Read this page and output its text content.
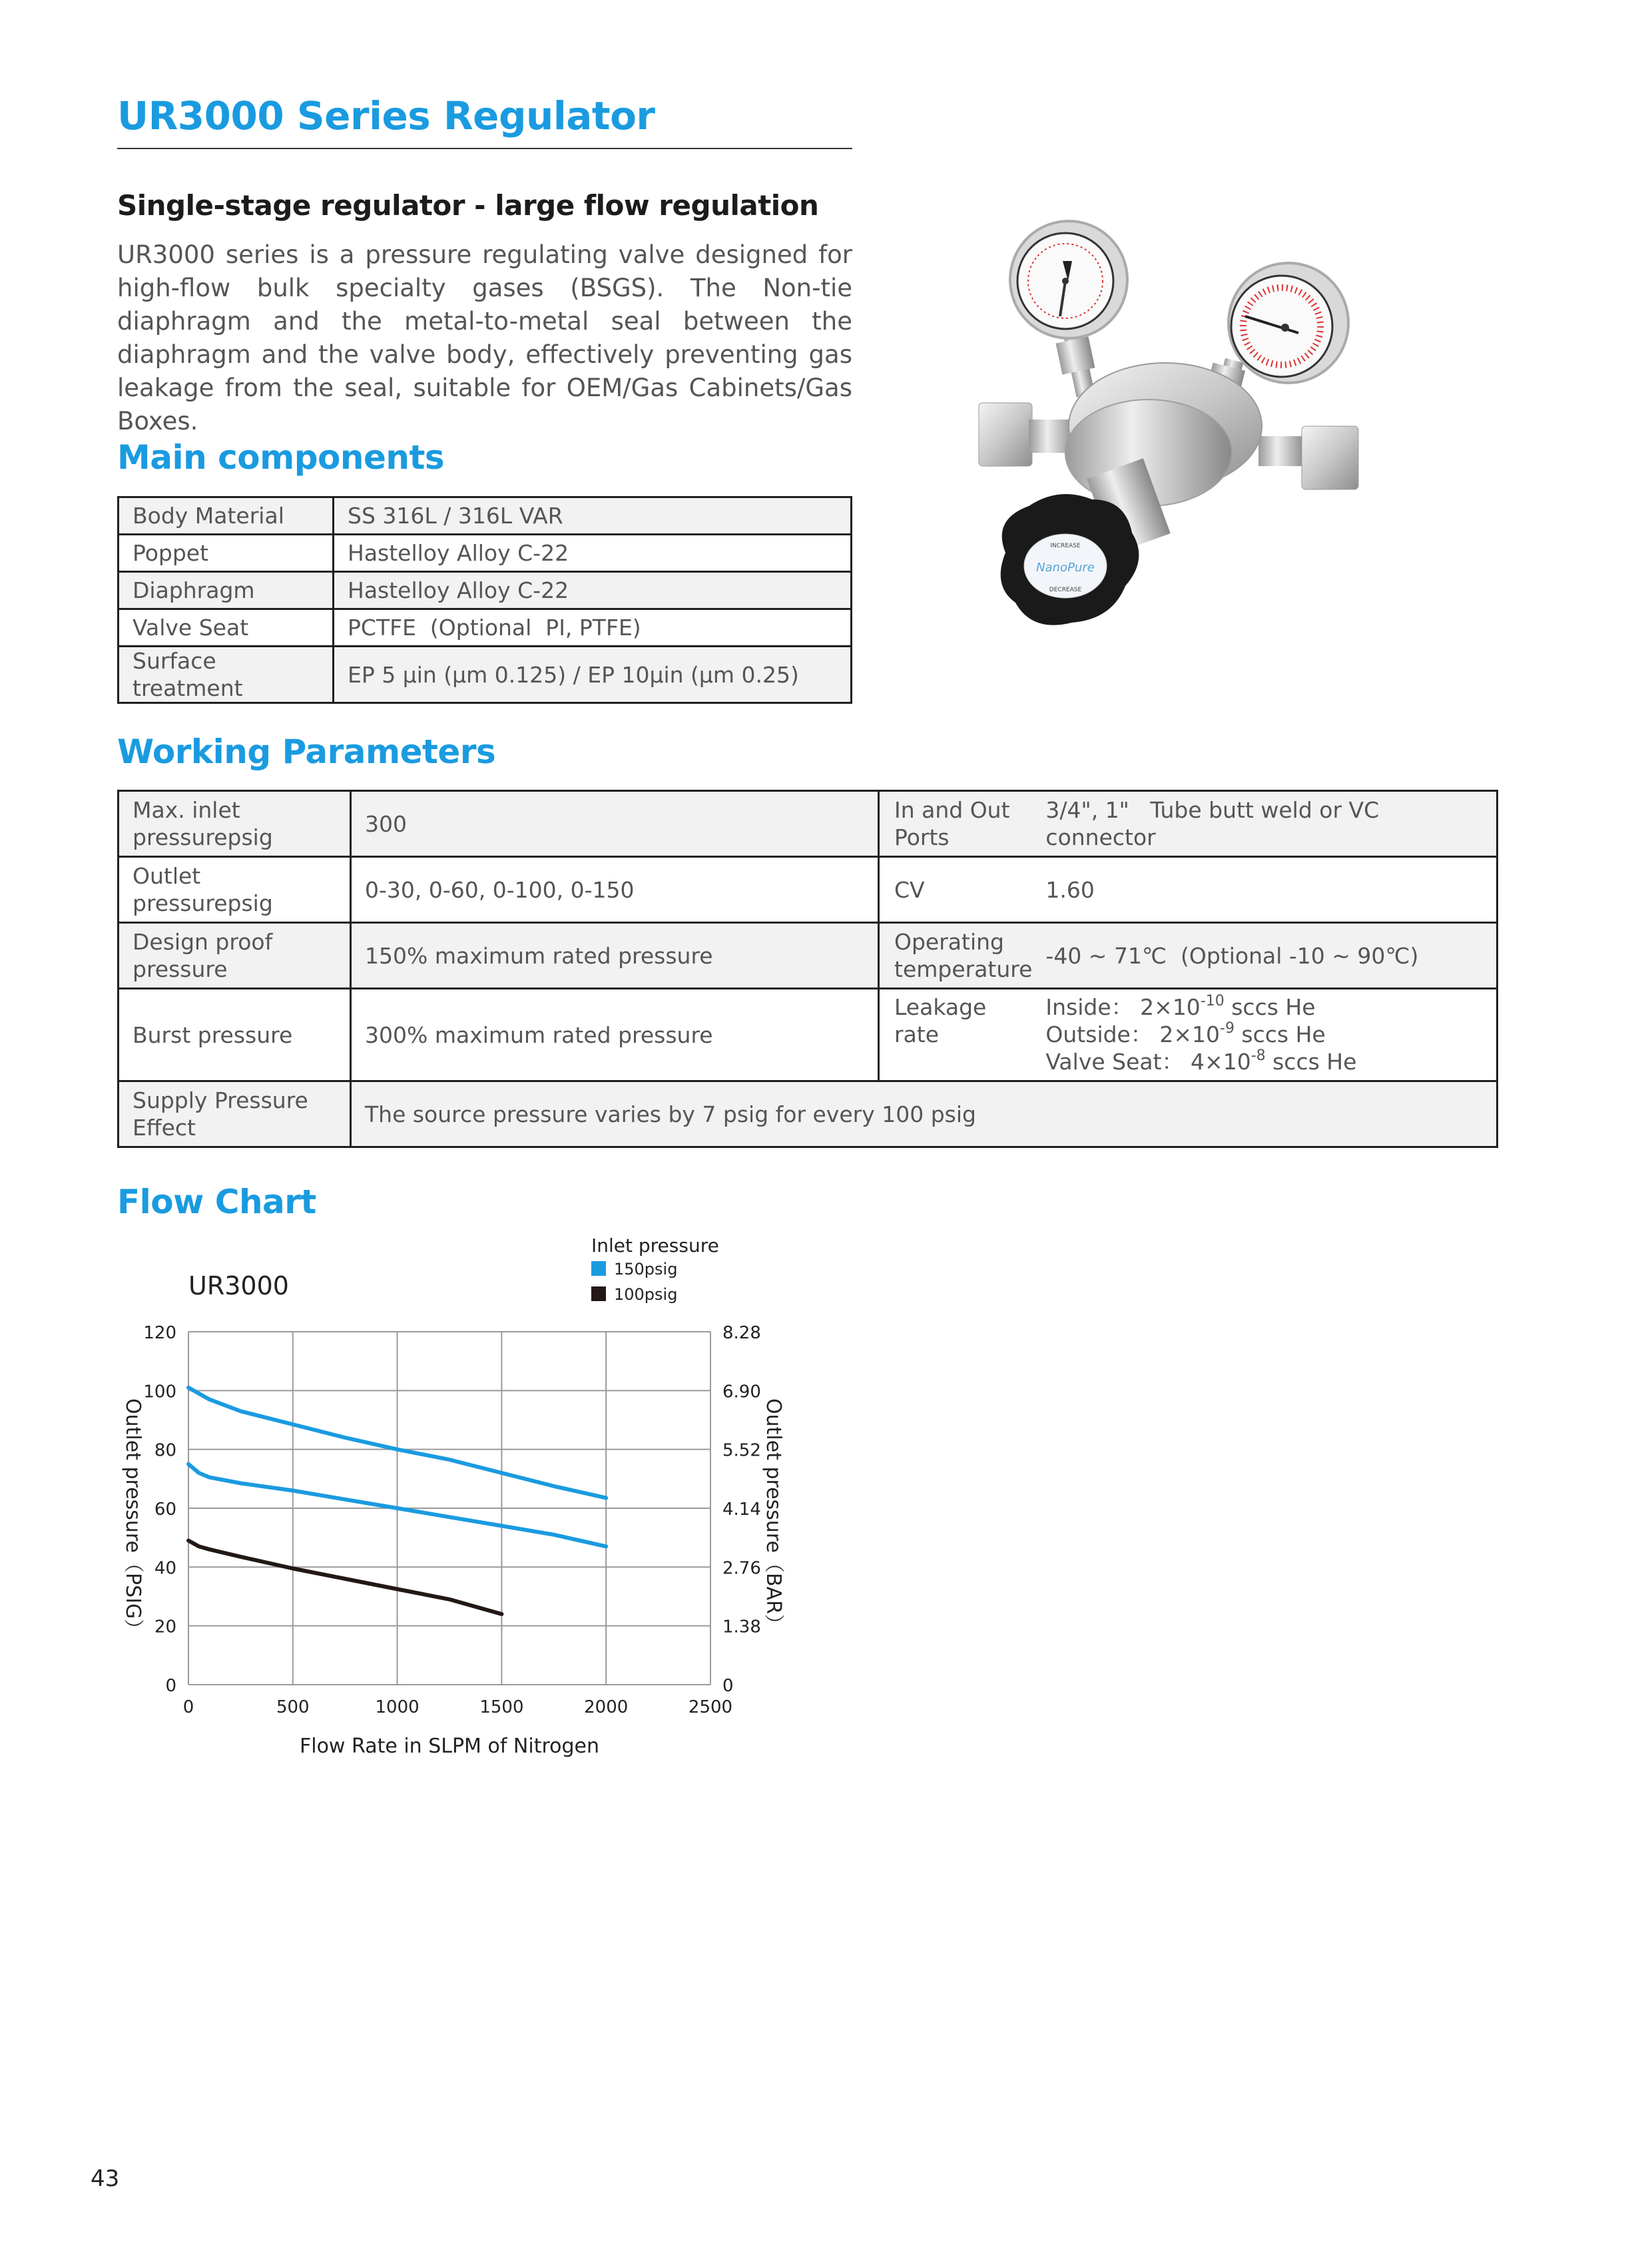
UR3000 Series Regulator
Single-stage regulator - large flow regulation
UR3000 series is a pressure regulating valve designed for high-flow bulk specialty gases (BSGS). The Non-tie diaphragm and the metal-to-metal seal between the diaphragm and the valve body, effectively preventing gas leakage from the seal, suitable for OEM/Gas Cabinets/Gas Boxes.
NanoPure
INCREASE
DECREASE
Main components
Body Material	SS 316L / 316L VAR
Poppet	Hastelloy Alloy C-22
Diaphragm	Hastelloy Alloy C-22
Valve Seat	PCTFE  (Optional  PI, PTFE)
Surface treatment	EP 5 μin (μm 0.125) / EP 10μin (μm 0.25)
Working Parameters
Max. inlet pressurepsig	300	In and Out Ports	3/4", 1"   Tube butt weld or VC connector
Outlet pressurepsig	0-30, 0-60, 0-100, 0-150	CV	1.60
Design proof pressure	150% maximum rated pressure	Operating temperature	-40 ~ 71℃  (Optional -10 ~ 90℃)
Burst pressure	300% maximum rated pressure	Leakage rate	Inside： $2\times 10^{-10}$ sccs He
Outside： $2\times 10^{-9}$ sccs He
Valve Seat： $4\times 10^{-8}$ sccs He

Supply Pressure Effect	The source pressure varies by 7 psig for every 100 psig		
Flow Chart
UR3000
Inlet pressure
150psig
100psig
0	0
20	1.38
40	2.76
60	4.14
80	5.52
100	6.90
120	8.28
0	500	1000	1500	2000	2500
Outlet pressure（PSIG）	Outlet pressure（BAR）
Flow Rate in SLPM of Nitrogen
43
